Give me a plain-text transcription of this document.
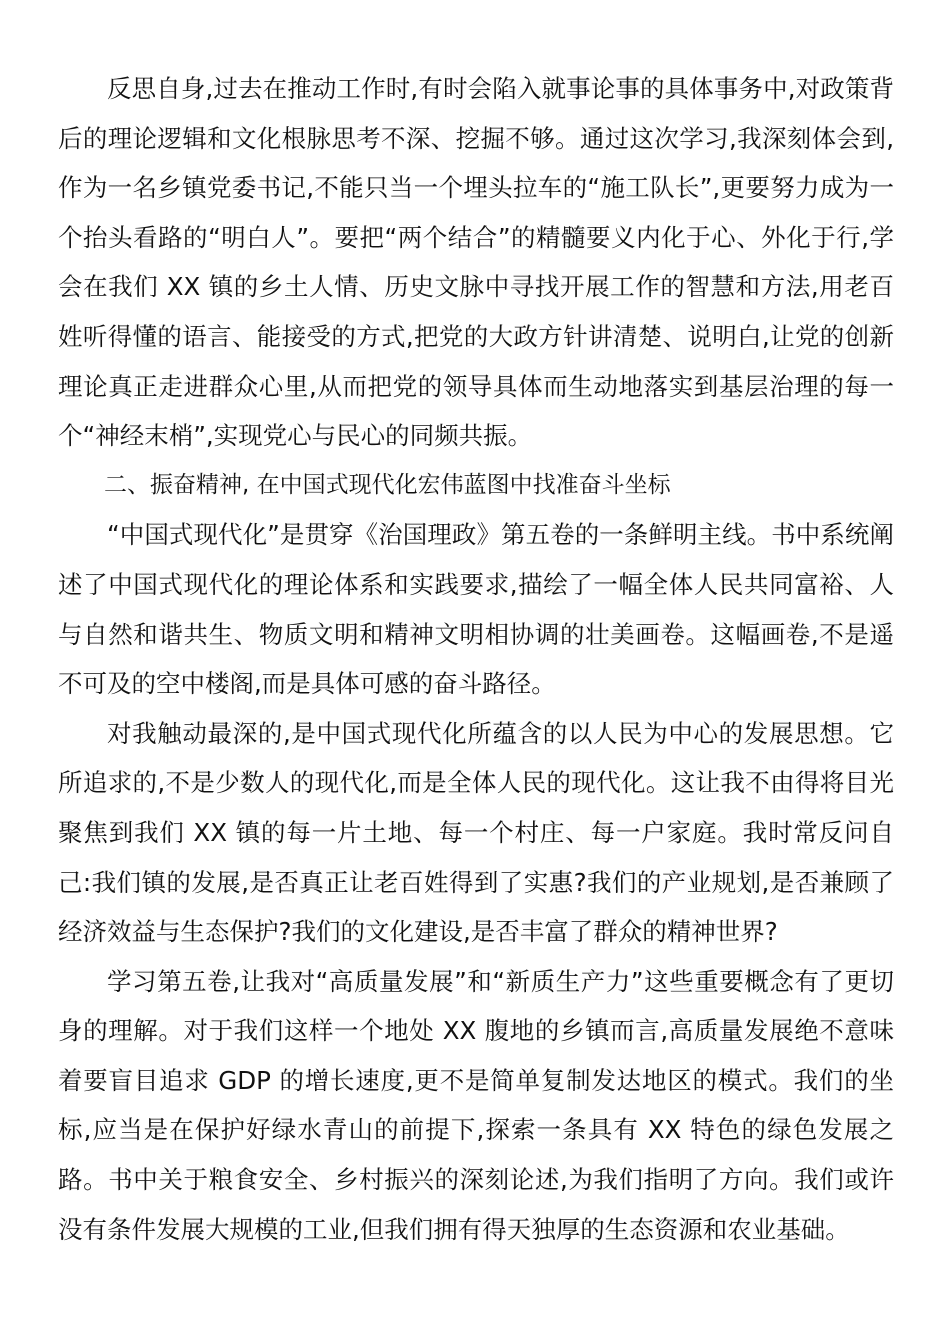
反思自身,过去在推动工作时,有时会陷入就事论事的具体事务中,对政策背后的理论逻辑和文化根脉思考不深、挖掘不够。通过这次学习,我深刻体会到,作为一名乡镇党委书记,不能只当一个埋头拉车的“施工队长”,更要努力成为一个抬头看路的“明白人”。要把“两个结合”的精髓要义内化于心、外化于行,学会在我们 XX 镇的乡土人情、历史文脉中寻找开展工作的智慧和方法,用老百姓听得懂的语言、能接受的方式,把党的大政方针讲清楚、说明白,让党的创新理论真正走进群众心里,从而把党的领导具体而生动地落实到基层治理的每一个“神经末梢”,实现党心与民心的同频共振。

二、振奋精神, 在中国式现代化宏伟蓝图中找准奋斗坐标

“中国式现代化”是贯穿《治国理政》第五卷的一条鲜明主线。书中系统阐述了中国式现代化的理论体系和实践要求,描绘了一幅全体人民共同富裕、人与自然和谐共生、物质文明和精神文明相协调的壮美画卷。这幅画卷,不是遥不可及的空中楼阁,而是具体可感的奋斗路径。

对我触动最深的,是中国式现代化所蕴含的以人民为中心的发展思想。它所追求的,不是少数人的现代化,而是全体人民的现代化。这让我不由得将目光聚焦到我们 XX 镇的每一片土地、每一个村庄、每一户家庭。我时常反问自己:我们镇的发展,是否真正让老百姓得到了实惠?我们的产业规划,是否兼顾了经济效益与生态保护?我们的文化建设,是否丰富了群众的精神世界?

学习第五卷,让我对“高质量发展”和“新质生产力”这些重要概念有了更切身的理解。对于我们这样一个地处 XX 腹地的乡镇而言,高质量发展绝不意味着要盲目追求 GDP 的增长速度,更不是简单复制发达地区的模式。我们的坐标,应当是在保护好绿水青山的前提下,探索一条具有 XX 特色的绿色发展之路。书中关于粮食安全、乡村振兴的深刻论述,为我们指明了方向。我们或许没有条件发展大规模的工业,但我们拥有得天独厚的生态资源和农业基础。
